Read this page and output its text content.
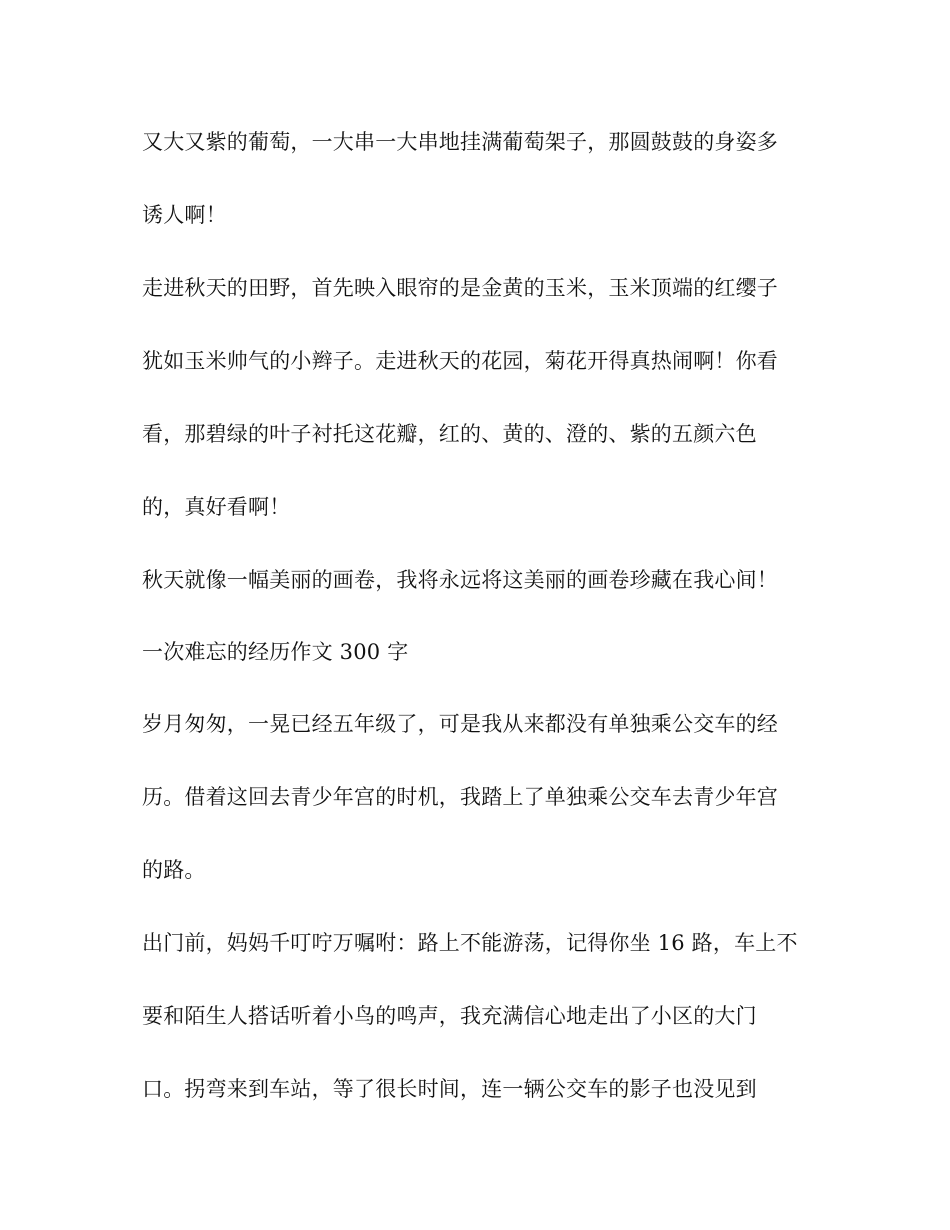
又大又紫的葡萄，一大串一大串地挂满葡萄架子，那圆鼓鼓的身姿多
诱人啊！
走进秋天的田野，首先映入眼帘的是金黄的玉米，玉米顶端的红缨子
犹如玉米帅气的小辫子。走进秋天的花园，菊花开得真热闹啊！你看
看，那碧绿的叶子衬托这花瓣，红的、黄的、澄的、紫的五颜六色
的，真好看啊！
秋天就像一幅美丽的画卷，我将永远将这美丽的画卷珍藏在我心间！
一次难忘的经历作文 300 字
岁月匆匆，一晃已经五年级了，可是我从来都没有单独乘公交车的经
历。借着这回去青少年宫的时机，我踏上了单独乘公交车去青少年宫
的路。
出门前，妈妈千叮咛万嘱咐：路上不能游荡，记得你坐 16 路，车上不
要和陌生人搭话听着小鸟的鸣声，我充满信心地走出了小区的大门
口。拐弯来到车站，等了很长时间，连一辆公交车的影子也没见到
